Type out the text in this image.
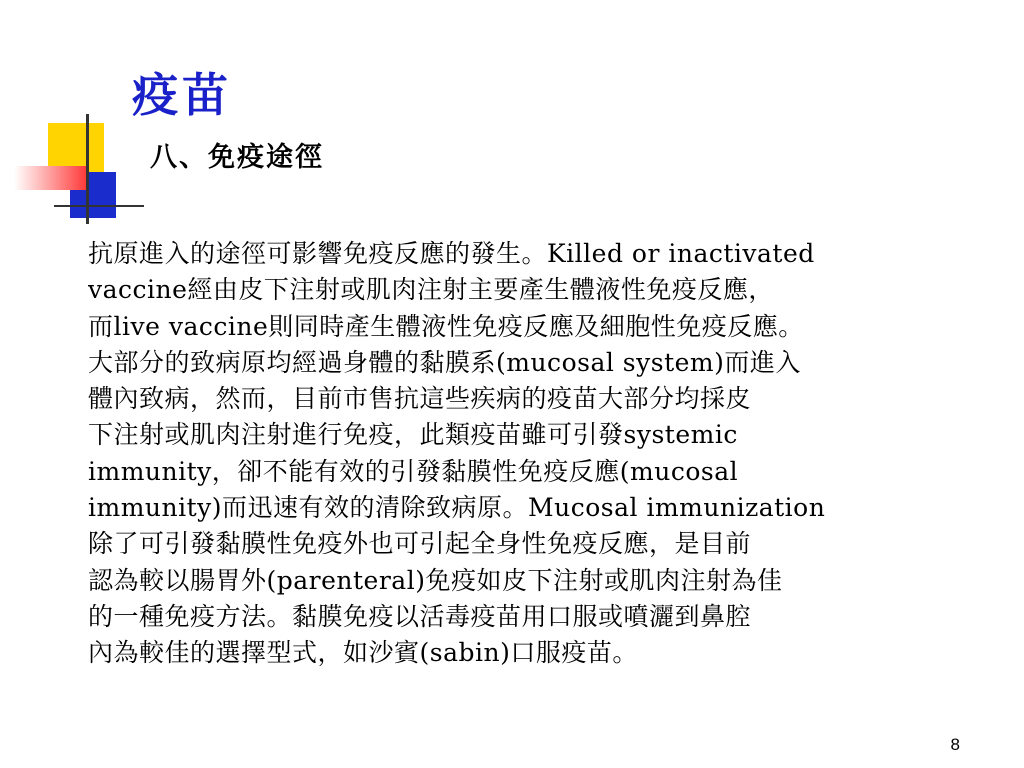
疫苗
八、免疫途徑
抗原進入的途徑可影響免疫反應的發生。Killed or inactivated
vaccine經由皮下注射或肌肉注射主要產生體液性免疫反應，
而live vaccine則同時產生體液性免疫反應及細胞性免疫反應。
大部分的致病原均經過身體的黏膜系(mucosal system)而進入
體內致病，然而，目前市售抗這些疾病的疫苗大部分均採皮
下注射或肌肉注射進行免疫，此類疫苗雖可引發systemic
immunity，卻不能有效的引發黏膜性免疫反應(mucosal
immunity)而迅速有效的清除致病原。Mucosal immunization
除了可引發黏膜性免疫外也可引起全身性免疫反應，是目前
認為較以腸胃外(parenteral)免疫如皮下注射或肌肉注射為佳
的一種免疫方法。黏膜免疫以活毒疫苗用口服或噴灑到鼻腔
內為較佳的選擇型式，如沙賓(sabin)口服疫苗。
8
